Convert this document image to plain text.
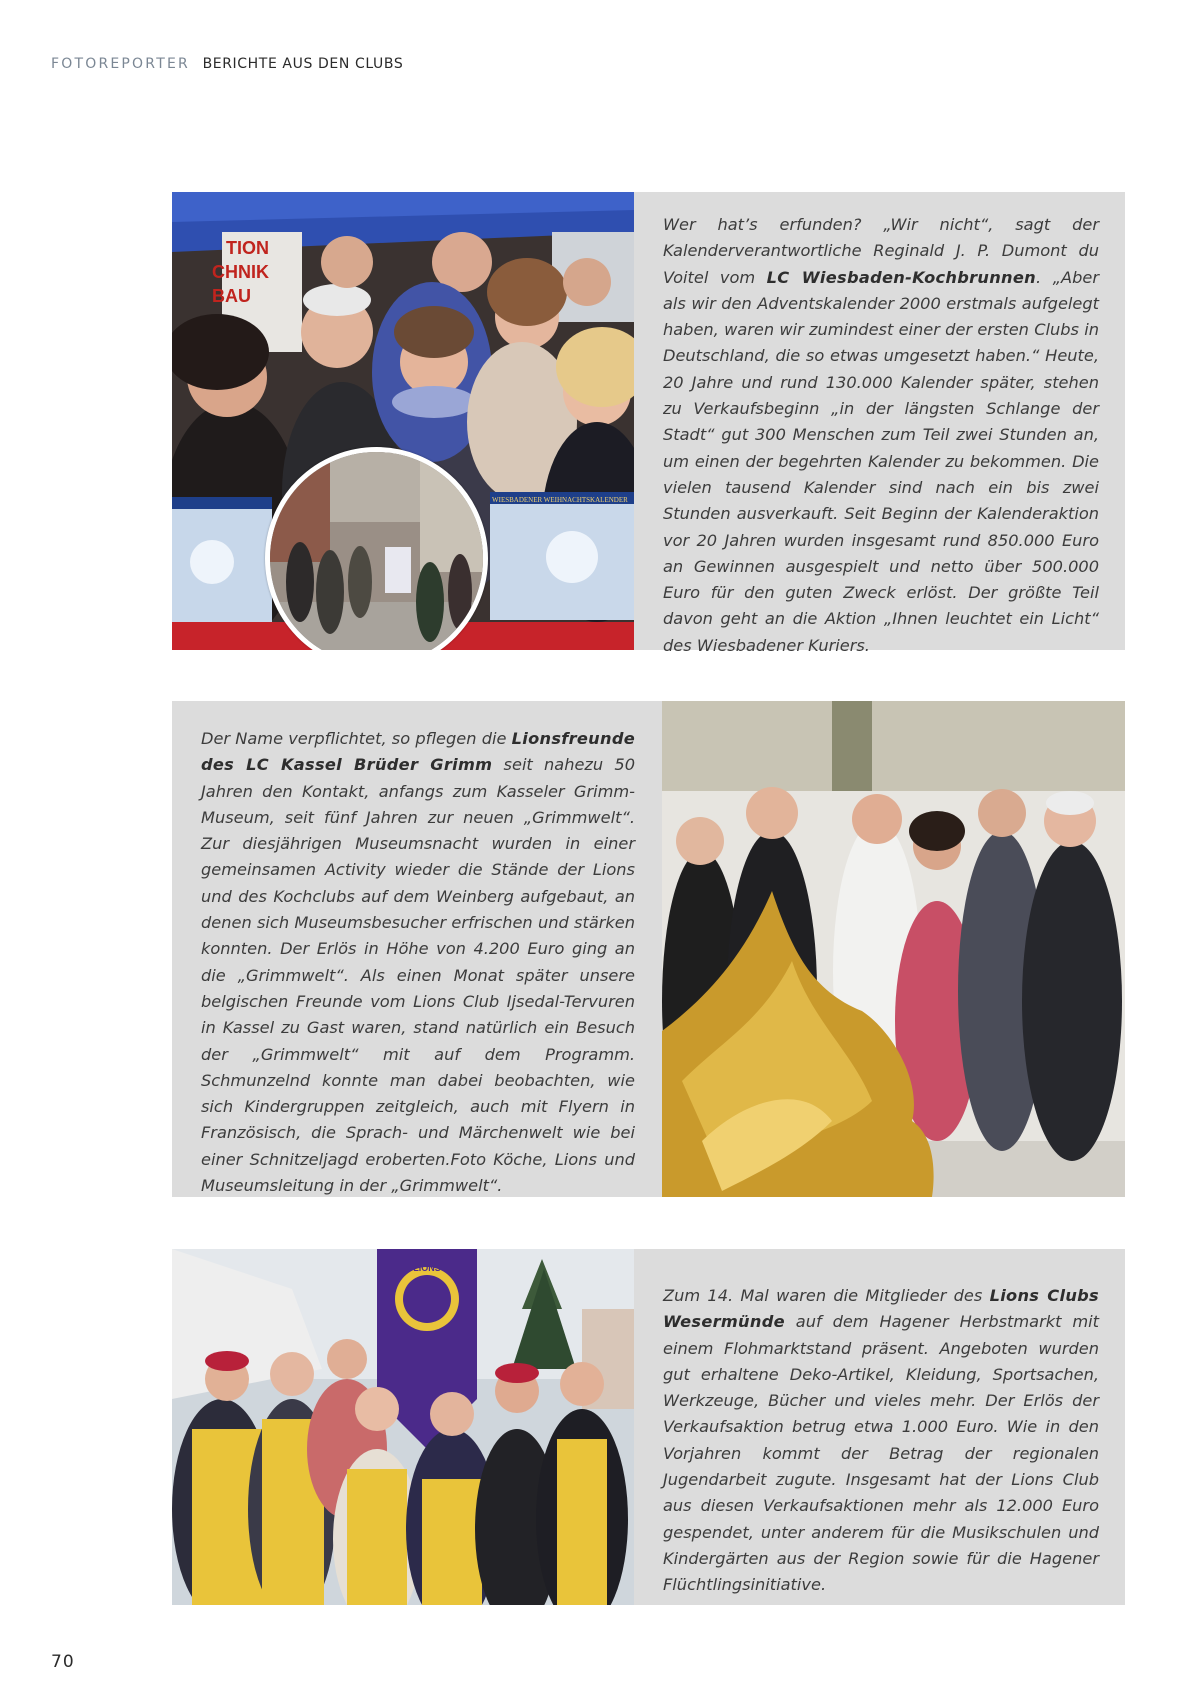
FOTOREPORTER BERICHTE AUS DEN CLUBS
TION
CHNIK
BAU
WIESBADENER WEIHNACHTSKALENDER
Wer hat’s erfunden? „Wir nicht“, sagt der Kalenderverantwortliche Reginald J. P. Dumont du Voitel vom LC Wiesbaden-Kochbrunnen. „Aber als wir den Adventskalender 2000 erstmals aufgelegt haben, waren wir zumindest einer der ersten Clubs in Deutschland, die so etwas umgesetzt haben.“ Heute, 20 Jahre und rund 130.000 Kalender später, stehen zu Verkaufsbeginn „in der längsten Schlange der Stadt“ gut 300 Menschen zum Teil zwei Stunden an, um einen der begehrten Kalender zu bekommen. Die vielen tausend Kalender sind nach ein bis zwei Stunden ausverkauft. Seit Beginn der Kalenderaktion vor 20 Jahren wurden insgesamt rund 850.000 Euro an Gewinnen ausgespielt und netto über 500.000 Euro für den guten Zweck erlöst. Der größte Teil davon geht an die Aktion „Ihnen leuchtet ein Licht“ des Wiesbadener Kuriers.
Der Name verpflichtet, so pflegen die Lionsfreunde des LC Kassel Brüder Grimm seit nahezu 50 Jahren den Kontakt, anfangs zum Kasseler Grimm-Museum, seit fünf Jahren zur neuen „Grimmwelt“. Zur diesjährigen Museumsnacht wurden in einer gemeinsamen Activity wieder die Stände der Lions und des Kochclubs auf dem Weinberg aufgebaut, an denen sich Museumsbesucher erfrischen und stärken konnten. Der Erlös in Höhe von 4.200 Euro ging an die „Grimmwelt“. Als einen Monat später unsere belgischen Freunde vom Lions Club Ijsedal-Tervuren in Kassel zu Gast waren, stand natürlich ein Besuch der „Grimmwelt“ mit auf dem Programm. Schmunzelnd konnte man dabei beobachten, wie sich Kindergruppen zeitgleich, auch mit Flyern in Französisch, die Sprach- und Märchenwelt wie bei einer Schnitzeljagd eroberten.Foto Köche, Lions und Museumsleitung in der „Grimmwelt“.
LIONS
Zum 14. Mal waren die Mitglieder des Lions Clubs Wesermünde auf dem Hagener Herbstmarkt mit einem Flohmarktstand präsent. Angeboten wurden gut erhaltene Deko-Artikel, Kleidung, Sportsachen, Werkzeuge, Bücher und vieles mehr. Der Erlös der Verkaufsaktion betrug etwa 1.000 Euro. Wie in den Vorjahren kommt der Betrag der regionalen Jugendarbeit zugute. Insgesamt hat der Lions Club aus diesen Verkaufsaktionen mehr als 12.000 Euro gespendet, unter anderem für die Musikschulen und Kindergärten aus der Region sowie für die Hagener Flüchtlingsinitiative.
70
